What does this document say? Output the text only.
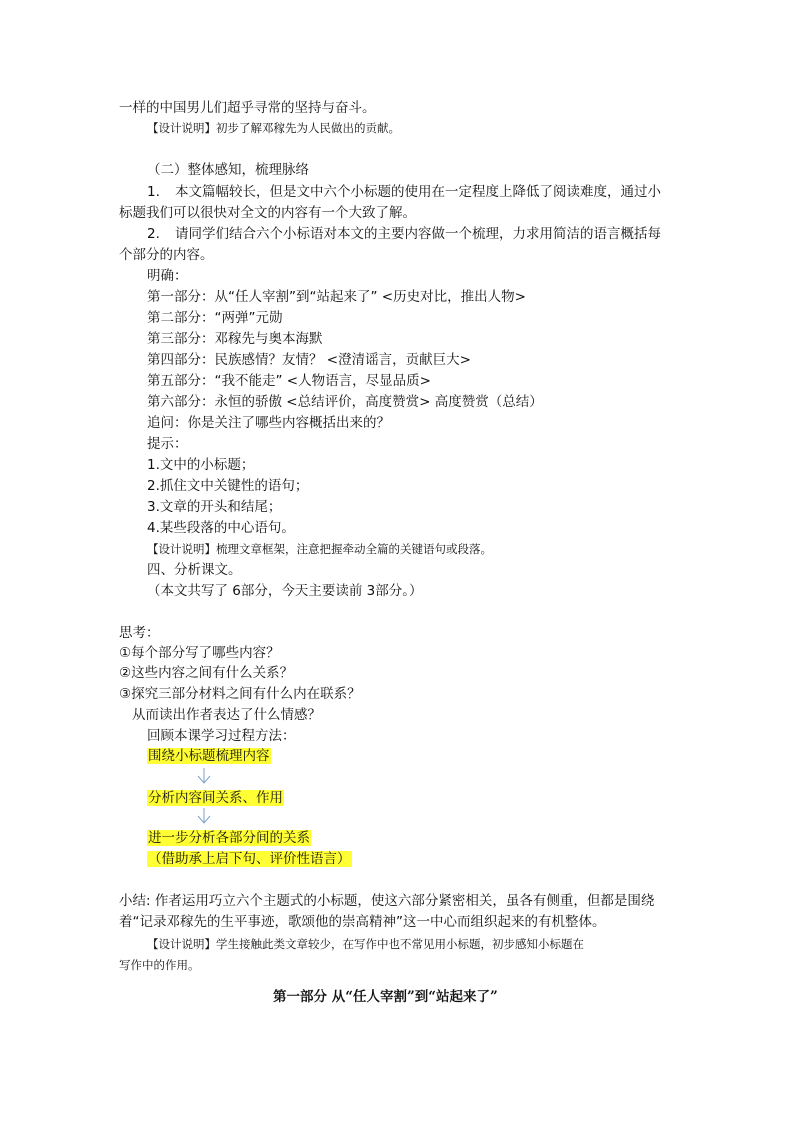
一样的中国男儿们超乎寻常的坚持与奋斗。
【设计说明】初步了解邓稼先为人民做出的贡献。
（二）整体感知，梳理脉络
1. 本文篇幅较长，但是文中六个小标题的使用在一定程度上降低了阅读难度，通过小
标题我们可以很快对全文的内容有一个大致了解。
2. 请同学们结合六个小标语对本文的主要内容做一个梳理，力求用简洁的语言概括每
个部分的内容。
明确：
第一部分：从“任人宰割”到“站起来了” <历史对比，推出人物>
第二部分：“两弹”元勋
第三部分：邓稼先与奥本海默
第四部分：民族感情？友情？ <澄清谣言，贡献巨大>
第五部分：“我不能走” <人物语言，尽显品质>
第六部分：永恒的骄傲 <总结评价，高度赞赏> 高度赞赏（总结）
追问：你是关注了哪些内容概括出来的？
提示：
1.文中的小标题；
2.抓住文中关键性的语句；
3.文章的开头和结尾；
4.某些段落的中心语句。
【设计说明】梳理文章框架，注意把握牵动全篇的关键语句或段落。
四、分析课文。
（本文共写了 6部分，今天主要读前 3部分。）
思考：
①每个部分写了哪些内容？
②这些内容之间有什么关系？
③探究三部分材料之间有什么内在联系？
从而读出作者表达了什么情感？
回顾本课学习过程方法：
围绕小标题梳理内容
分析内容间关系、作用
进一步分析各部分间的关系
（借助承上启下句、评价性语言）
小结: 作者运用巧立六个主题式的小标题，使这六部分紧密相关，虽各有侧重，但都是围绕
着“记录邓稼先的生平事迹，歌颂他的崇高精神”这一中心而组织起来的有机整体。
【设计说明】学生接触此类文章较少，在写作中也不常见用小标题，初步感知小标题在
写作中的作用。
第一部分 从“任人宰割”到“站起来了”
